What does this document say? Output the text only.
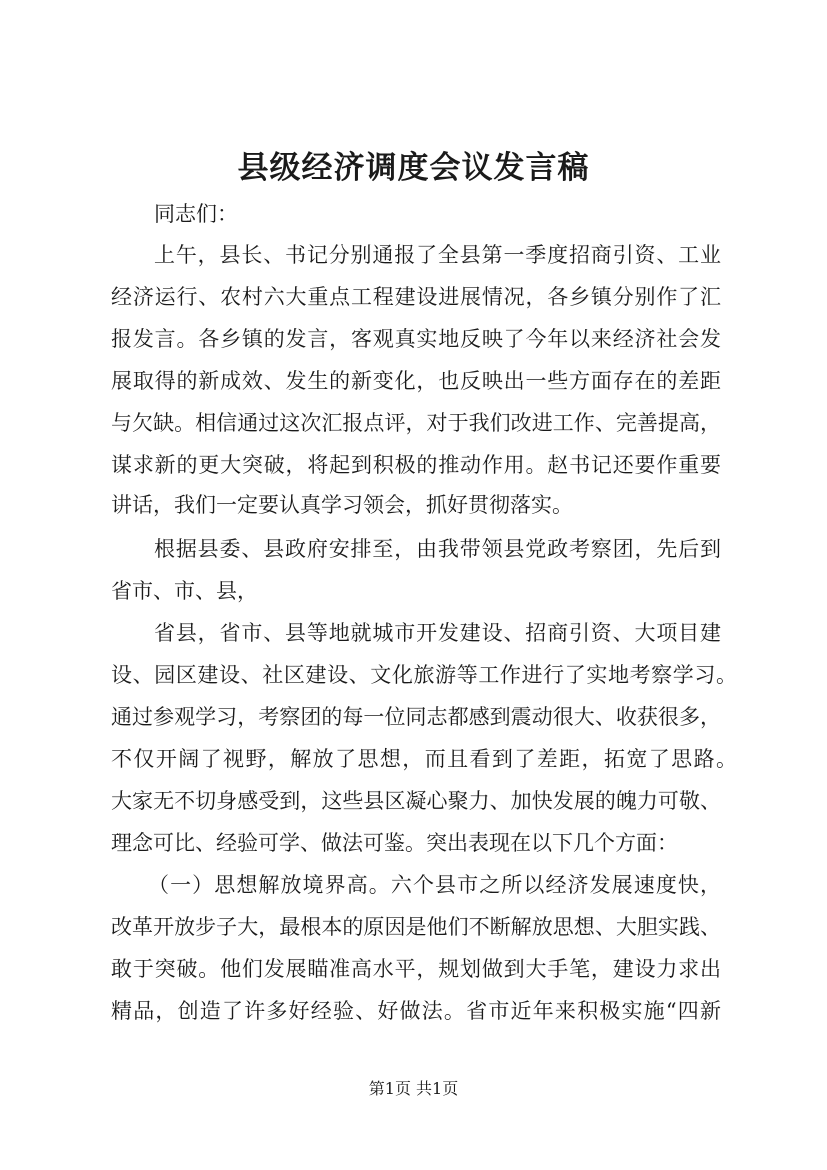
县级经济调度会议发言稿

同志们：

上午，县长、书记分别通报了全县第一季度招商引资、工业

经济运行、农村六大重点工程建设进展情况，各乡镇分别作了汇

报发言。各乡镇的发言，客观真实地反映了今年以来经济社会发

展取得的新成效、发生的新变化，也反映出一些方面存在的差距

与欠缺。相信通过这次汇报点评，对于我们改进工作、完善提高，

谋求新的更大突破，将起到积极的推动作用。赵书记还要作重要

讲话，我们一定要认真学习领会，抓好贯彻落实。

根据县委、县政府安排至，由我带领县党政考察团，先后到

省市、市、县，

省县，省市、县等地就城市开发建设、招商引资、大项目建

设、园区建设、社区建设、文化旅游等工作进行了实地考察学习。

通过参观学习，考察团的每一位同志都感到震动很大、收获很多，

不仅开阔了视野，解放了思想，而且看到了差距，拓宽了思路。

大家无不切身感受到，这些县区凝心聚力、加快发展的魄力可敬、

理念可比、经验可学、做法可鉴。突出表现在以下几个方面：

（一）思想解放境界高。六个县市之所以经济发展速度快，

改革开放步子大，最根本的原因是他们不断解放思想、大胆实践、

敢于突破。他们发展瞄准高水平，规划做到大手笔，建设力求出

精品，创造了许多好经验、好做法。省市近年来积极实施“四新

第1页 共1页
